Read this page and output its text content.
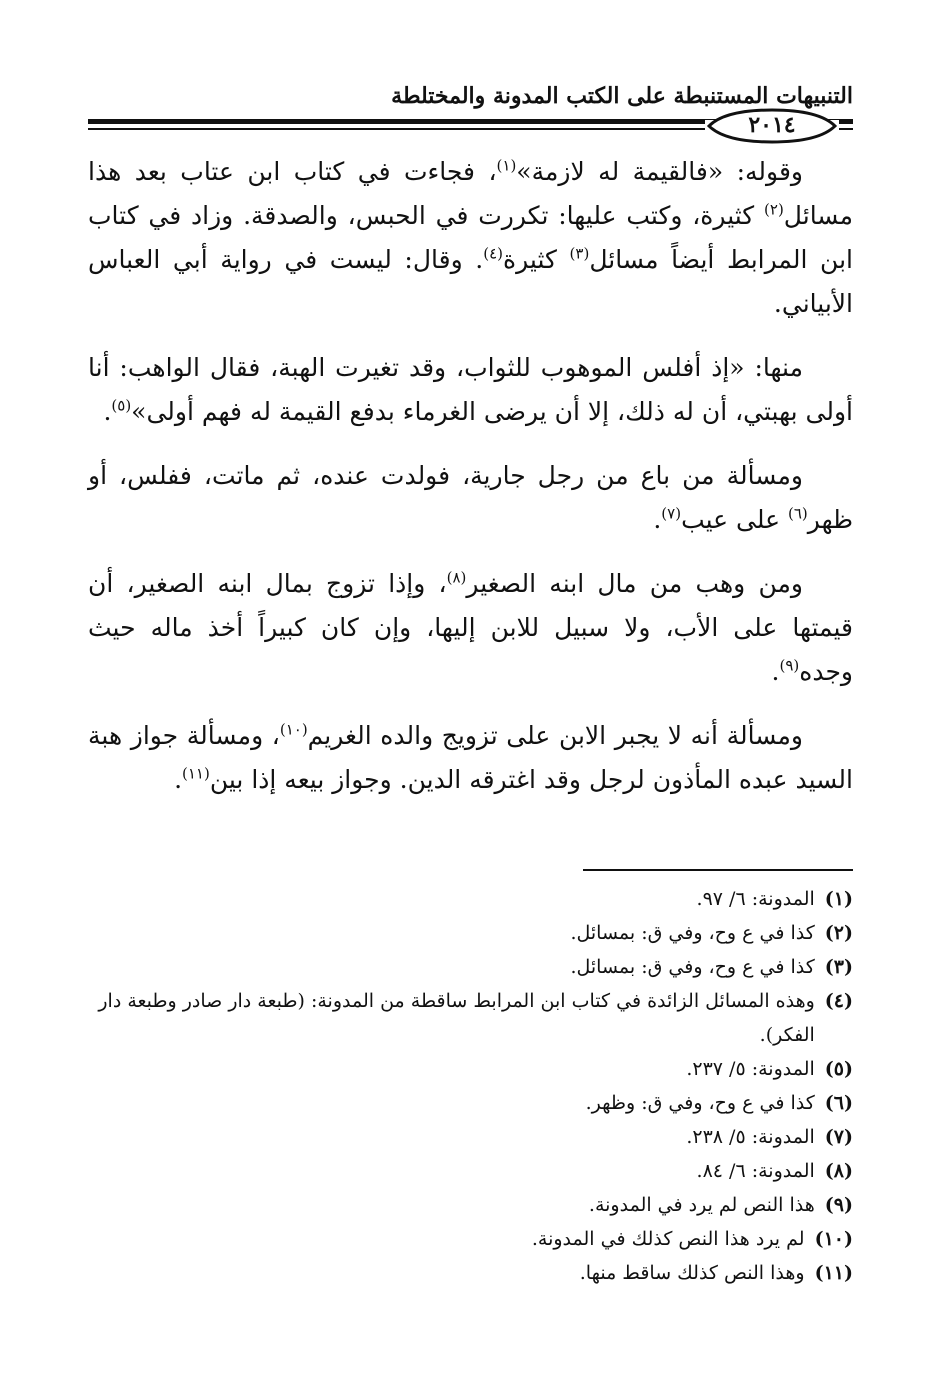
التنبيهات المستنبطة على الكتب المدونة والمختلطة
٢٠١٤

وقوله: «فالقيمة له لازمة»$^{(١)}$، فجاءت في كتاب ابن عتاب بعد هذا مسائل$^{(٢)}$ كثيرة، وكتب عليها: تكررت في الحبس، والصدقة. وزاد في كتاب ابن المرابط أيضاً مسائل$^{(٣)}$ كثيرة$^{(٤)}$. وقال: ليست في رواية أبي العباس الأبياني.

منها: «إذ أفلس الموهوب للثواب، وقد تغيرت الهبة، فقال الواهب: أنا أولى بهبتي، أن له ذلك، إلا أن يرضى الغرماء بدفع القيمة له فهم أولى»$^{(٥)}$.

ومسألة من باع من رجل جارية، فولدت عنده، ثم ماتت، ففلس، أو ظهر$^{(٦)}$ على عيب$^{(٧)}$.

ومن وهب من مال ابنه الصغير$^{(٨)}$، وإذا تزوج بمال ابنه الصغير، أن قيمتها على الأب، ولا سبيل للابن إليها، وإن كان كبيراً أخذ ماله حيث وجده$^{(٩)}$.

ومسألة أنه لا يجبر الابن على تزويج والده الغريم$^{(١٠)}$، ومسألة جواز هبة السيد عبده المأذون لرجل وقد اغترقه الدين. وجواز بيعه إذا بين$^{(١١)}$.

(١)
المدونة: ٦/ ٩٧.
(٢)
كذا في ع وح، وفي ق: بمسائل.
(٣)
كذا في ع وح، وفي ق: بمسائل.
(٤)
وهذه المسائل الزائدة في كتاب ابن المرابط ساقطة من المدونة: (طبعة دار صادر وطبعة دار الفكر).
(٥)
المدونة: ٥/ ٢٣٧.
(٦)
كذا في ع وح، وفي ق: وظهر.
(٧)
المدونة: ٥/ ٢٣٨.
(٨)
المدونة: ٦/ ٨٤.
(٩)
هذا النص لم يرد في المدونة.
(١٠)
لم يرد هذا النص كذلك في المدونة.
(١١)
وهذا النص كذلك ساقط منها.
